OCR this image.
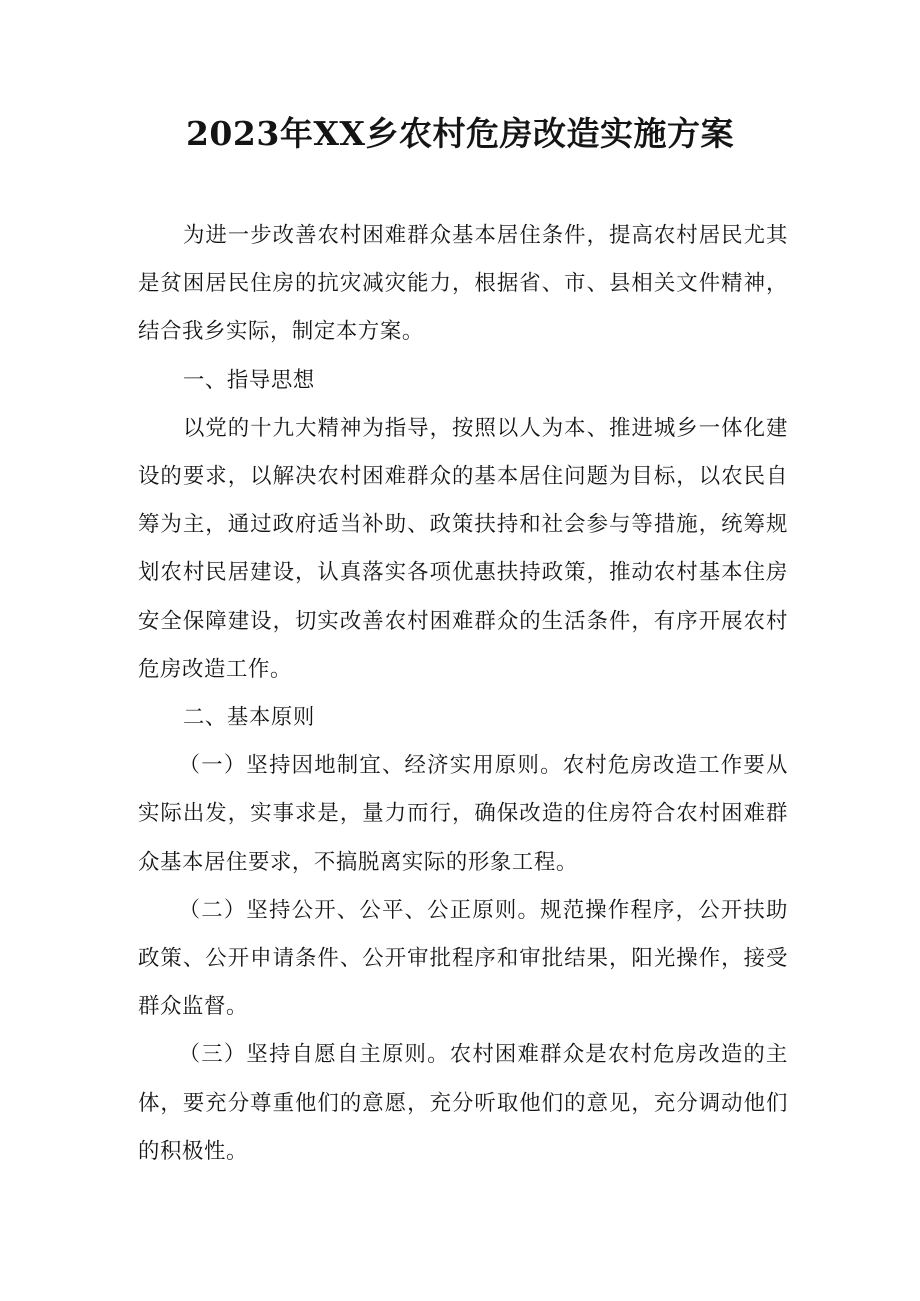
2023年XX乡农村危房改造实施方案

为进一步改善农村困难群众基本居住条件，提高农村居民尤其是贫困居民住房的抗灾减灾能力，根据省、市、县相关文件精神，结合我乡实际，制定本方案。

一、指导思想

以党的十九大精神为指导，按照以人为本、推进城乡一体化建设的要求，以解决农村困难群众的基本居住问题为目标，以农民自筹为主，通过政府适当补助、政策扶持和社会参与等措施，统筹规划农村民居建设，认真落实各项优惠扶持政策，推动农村基本住房安全保障建设，切实改善农村困难群众的生活条件，有序开展农村危房改造工作。

二、基本原则

（一）坚持因地制宜、经济实用原则。农村危房改造工作要从实际出发，实事求是，量力而行，确保改造的住房符合农村困难群众基本居住要求，不搞脱离实际的形象工程。

（二）坚持公开、公平、公正原则。规范操作程序，公开扶助政策、公开申请条件、公开审批程序和审批结果，阳光操作，接受群众监督。

（三）坚持自愿自主原则。农村困难群众是农村危房改造的主体，要充分尊重他们的意愿，充分听取他们的意见，充分调动他们的积极性。
